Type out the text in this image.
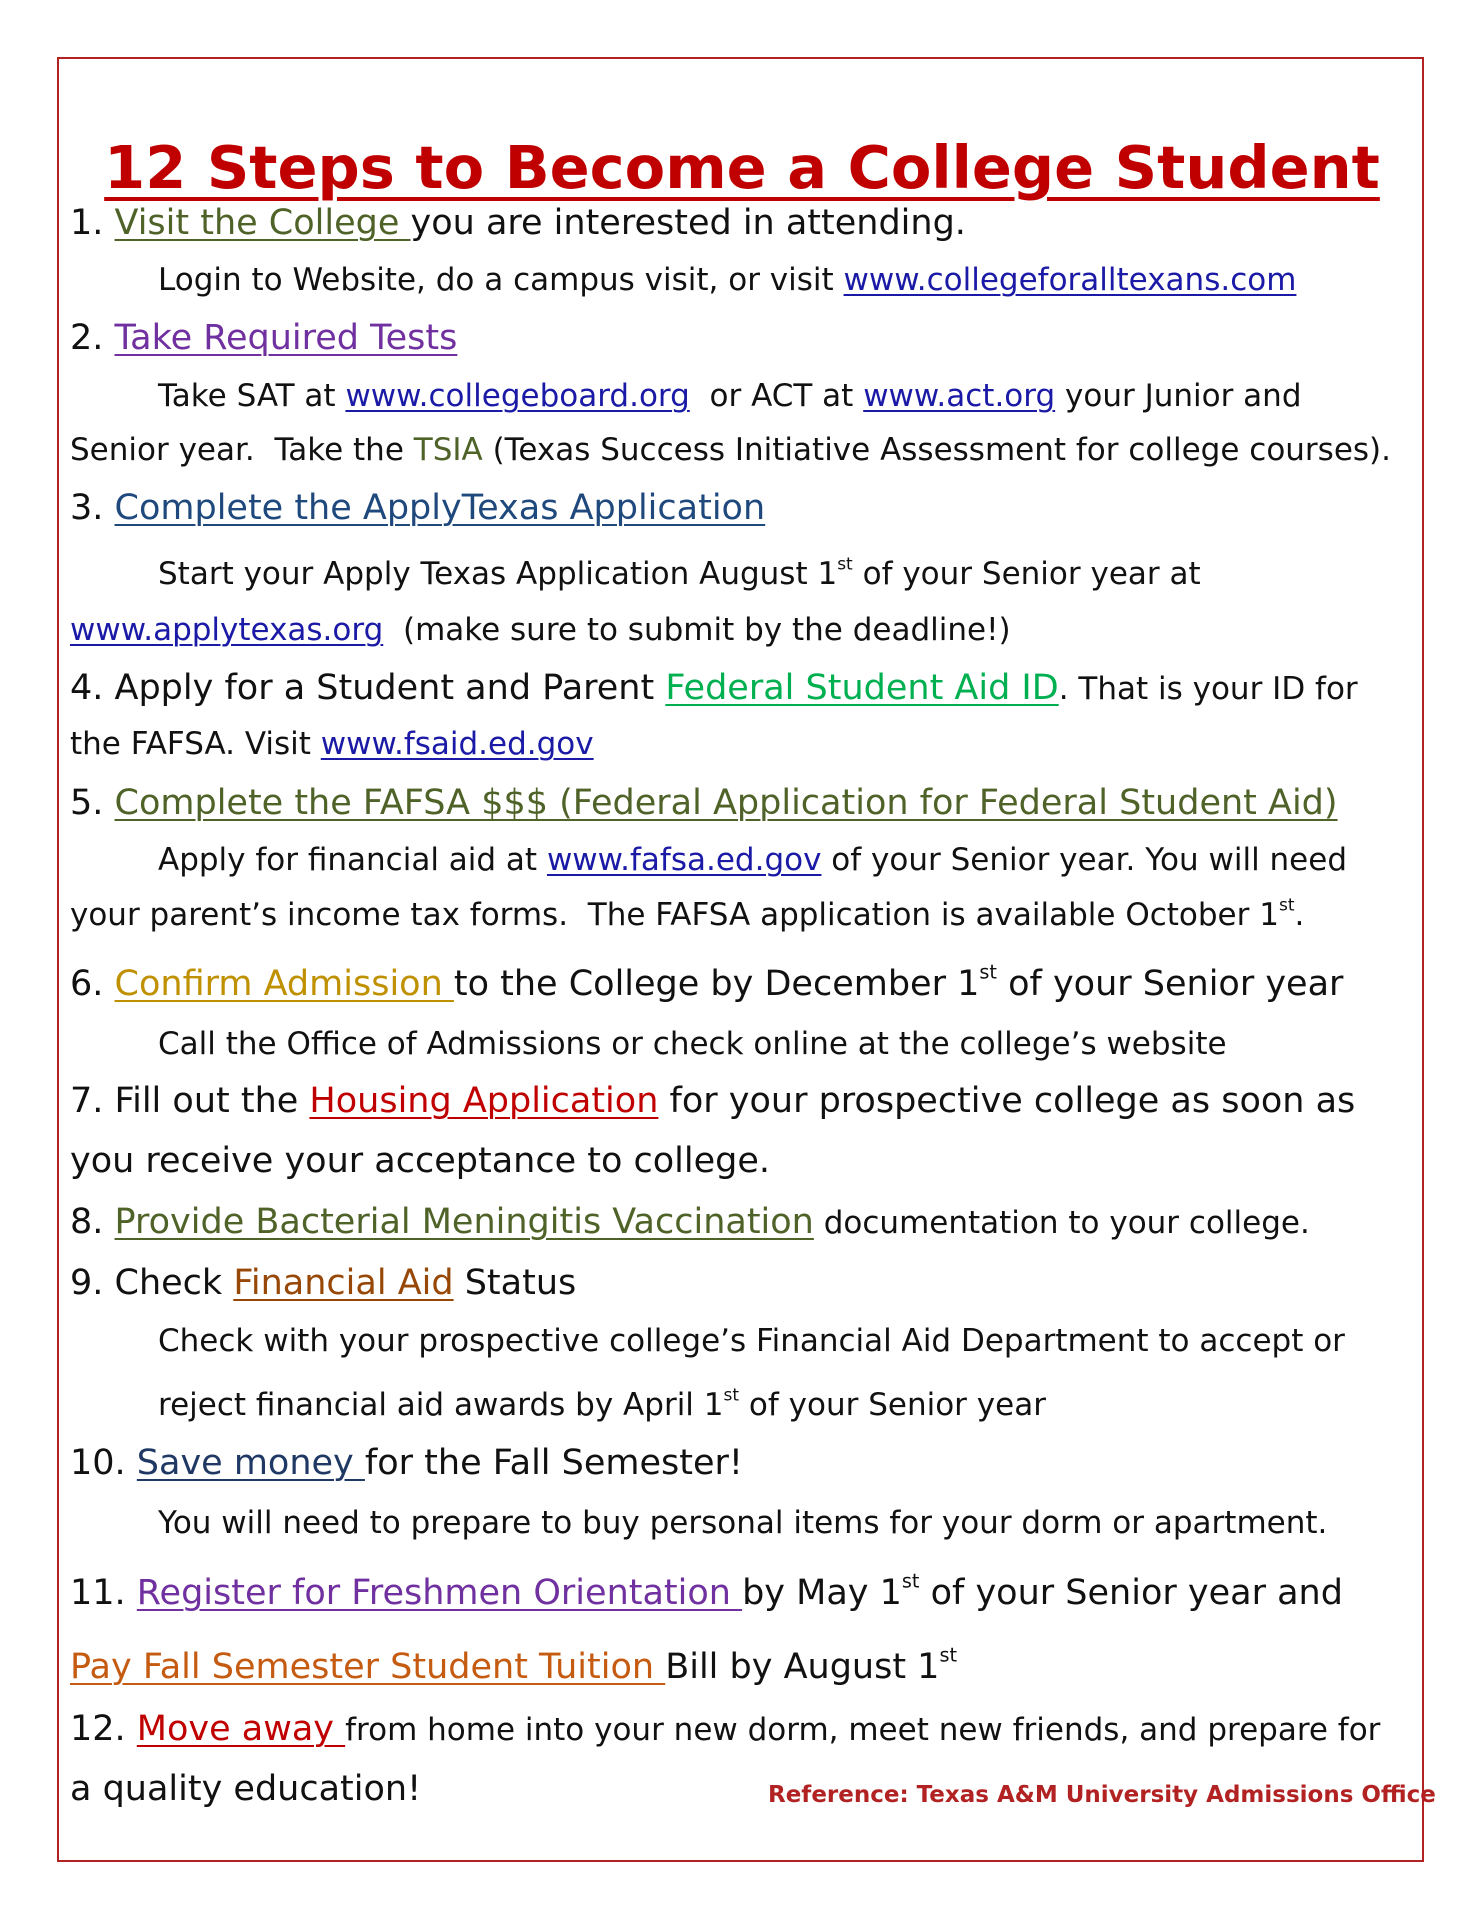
12 Steps to Become a College Student

1. Visit the College you are interested in attending.

Login to Website, do a campus visit, or visit www.collegeforalltexans.com

2. Take Required Tests

Take SAT at www.collegeboard.org  or ACT at www.act.org your Junior and

Senior year.  Take the TSIA (Texas Success Initiative Assessment for college courses).

3. Complete the ApplyTexas Application

Start your Apply Texas Application August 1st of your Senior year at

www.applytexas.org  (make sure to submit by the deadline!)

4. Apply for a Student and Parent Federal Student Aid ID. That is your ID for

the FAFSA. Visit www.fsaid.ed.gov

5. Complete the FAFSA $$$ (Federal Application for Federal Student Aid)

Apply for financial aid at www.fafsa.ed.gov of your Senior year. You will need

your parent’s income tax forms.  The FAFSA application is available October 1st.

6. Confirm Admission to the College by December 1st of your Senior year

Call the Office of Admissions or check online at the college’s website

7. Fill out the Housing Application for your prospective college as soon as

you receive your acceptance to college.

8. Provide Bacterial Meningitis Vaccination documentation to your college.

9. Check Financial Aid Status

Check with your prospective college’s Financial Aid Department to accept or

reject financial aid awards by April 1st of your Senior year

10. Save money for the Fall Semester!

You will need to prepare to buy personal items for your dorm or apartment.

11. Register for Freshmen Orientation by May 1st of your Senior year and

Pay Fall Semester Student Tuition Bill by August 1st

12. Move away from home into your new dorm, meet new friends, and prepare for

a quality education!	Reference: Texas A&M University Admissions Office
